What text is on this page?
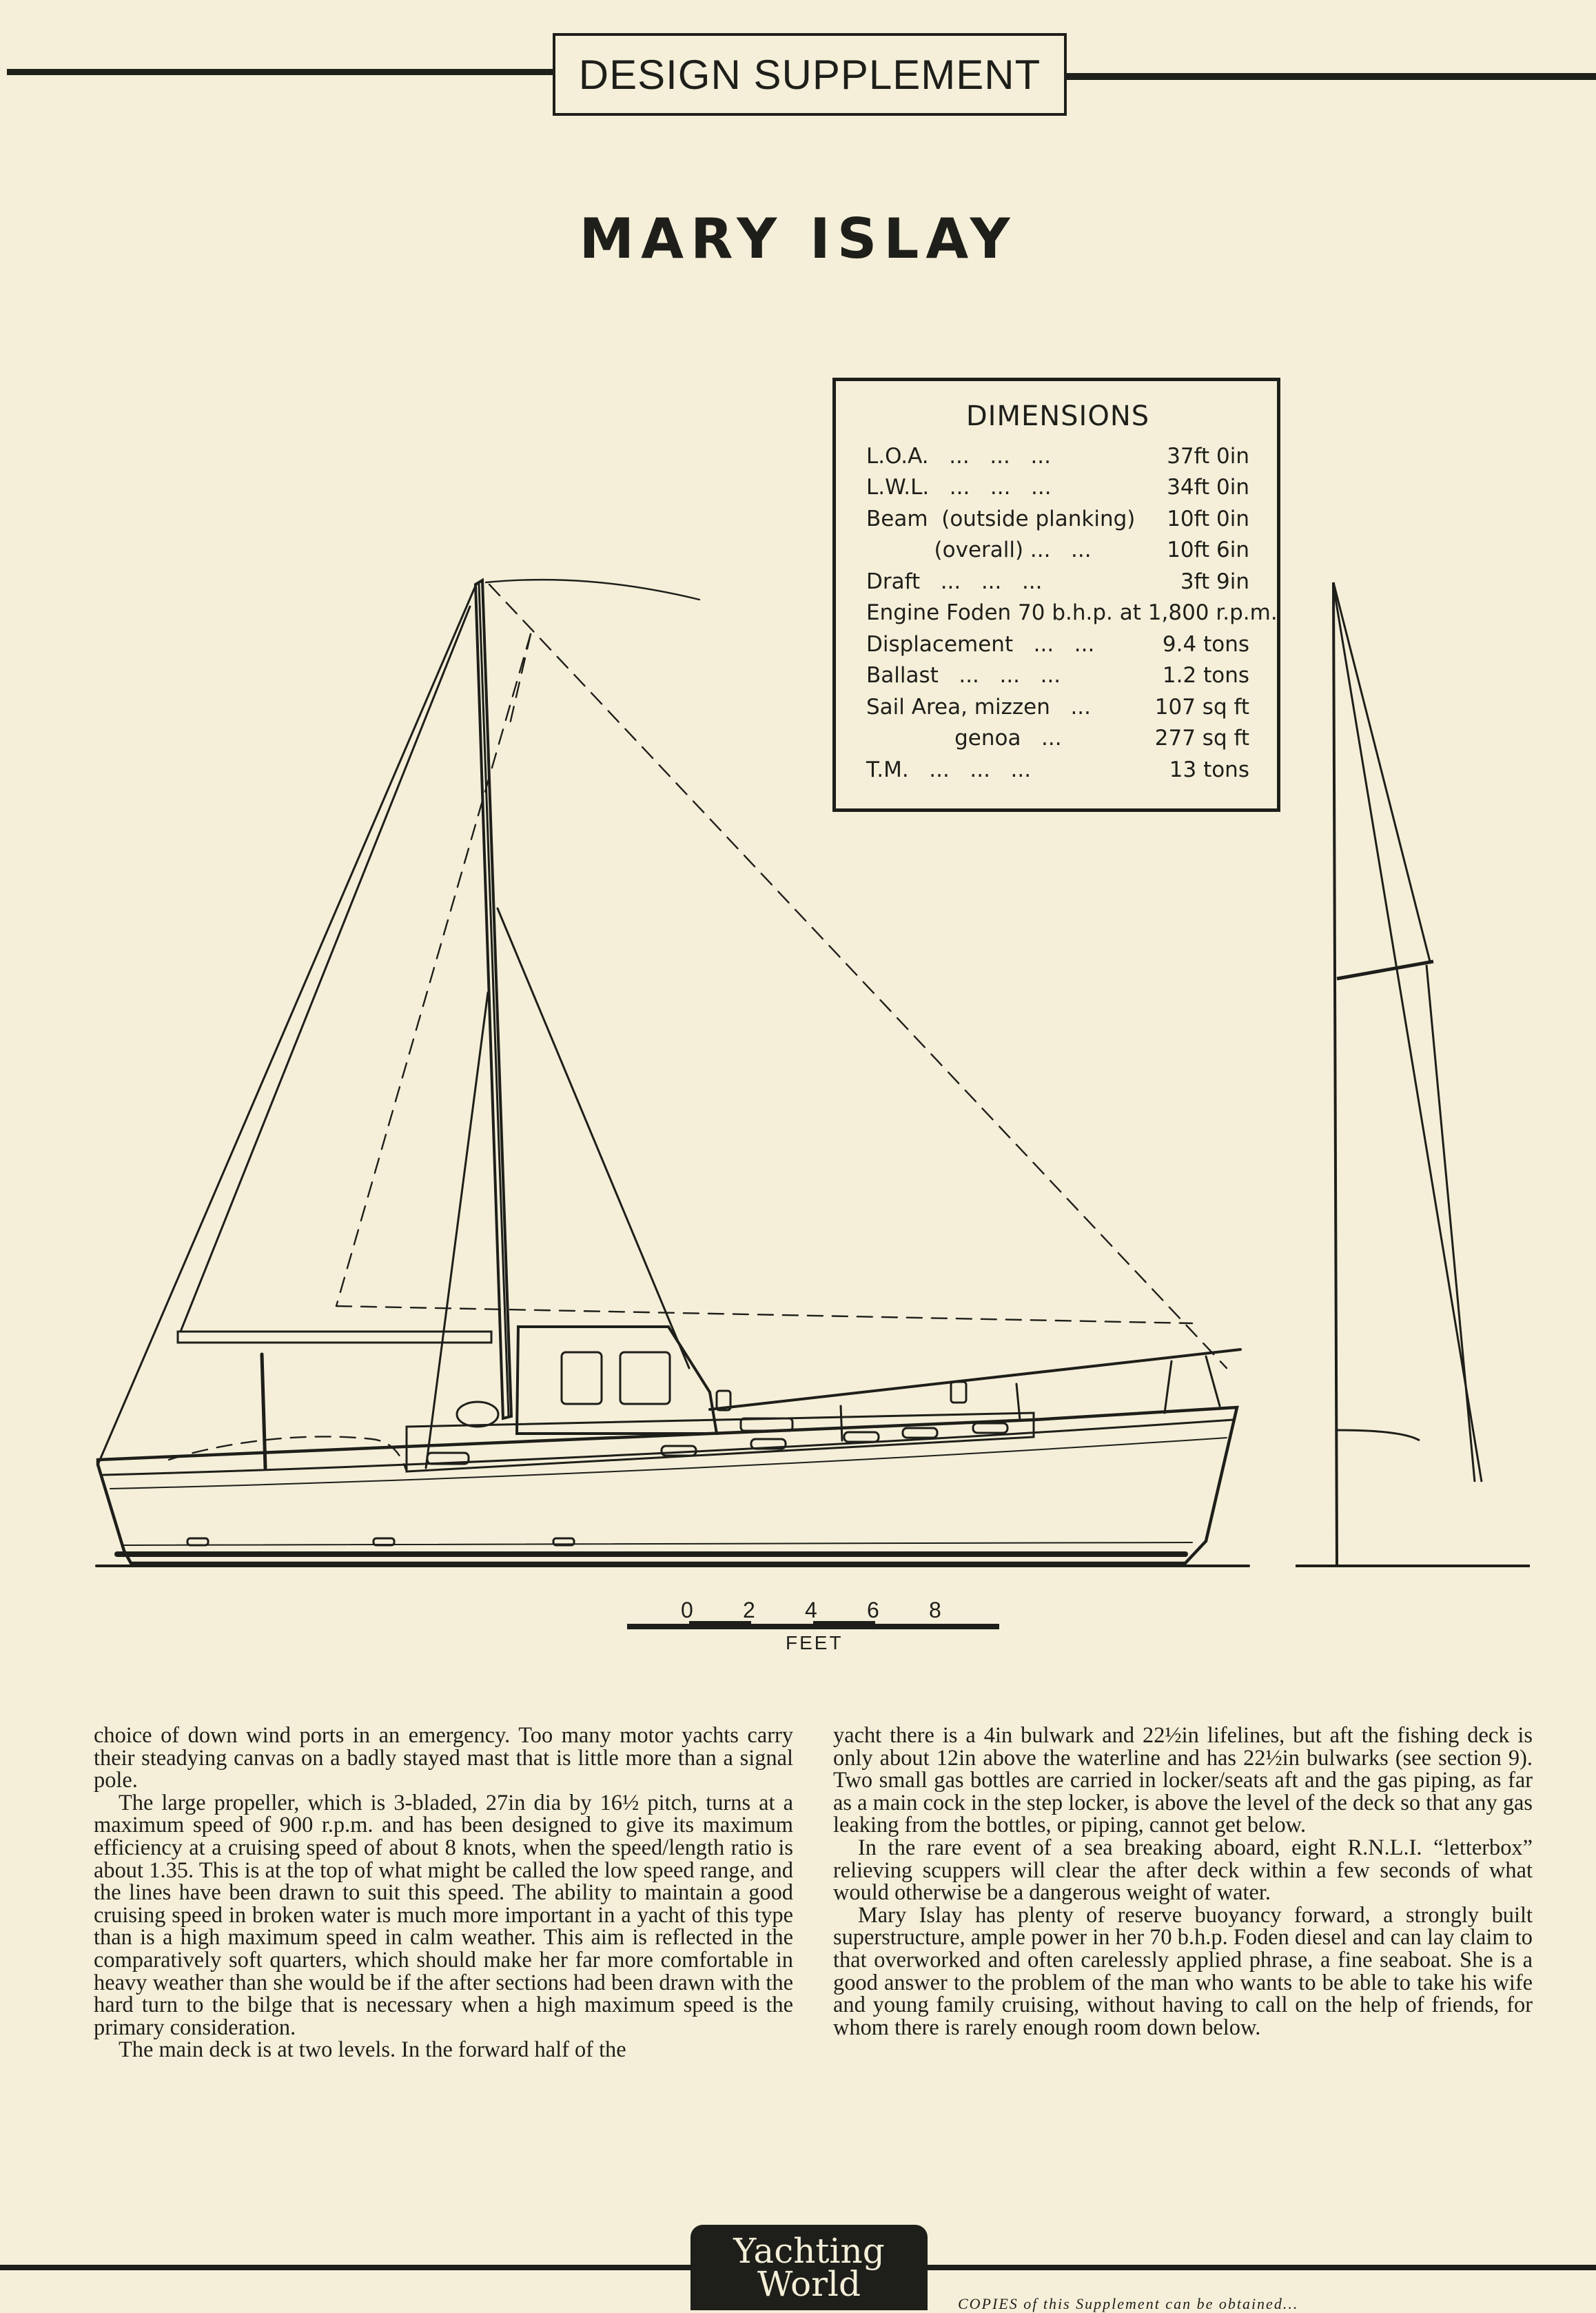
DESIGN SUPPLEMENT
MARY ISLAY
DIMENSIONS
L.O.A.   ...   ...   ...	37ft 0in
L.W.L.   ...   ...   ...	34ft 0in
Beam  (outside planking)	10ft 0in
(overall) ...   ...	10ft 6in
Draft   ...   ...   ...	3ft 9in
Engine Foden 70 b.h.p. at 1,800 r.p.m.
Displacement   ...   ...	9.4 tons
Ballast   ...   ...   ...	1.2 tons
Sail Area, mizzen   ...	107 sq ft
genoa   ...	277 sq ft
T.M.   ...   ...   ...	13 tons
0 2 4 6 8
FEET

choice of down wind ports in an emergency. Too many motor yachts carry their steadying canvas on a badly stayed mast that is little more than a signal pole.

The large propeller, which is 3-bladed, 27in dia by 16½ pitch, turns at a maximum speed of 900 r.p.m. and has been designed to give its maximum efficiency at a cruising speed of about 8 knots, when the speed/length ratio is about 1.35. This is at the top of what might be called the low speed range, and the lines have been drawn to suit this speed. The ability to maintain a good cruising speed in broken water is much more important in a yacht of this type than is a high maximum speed in calm weather. This aim is reflected in the comparatively soft quarters, which should make her far more comfortable in heavy weather than she would be if the after sections had been drawn with the hard turn to the bilge that is necessary when a high maximum speed is the primary consideration.

The main deck is at two levels. In the forward half of the

yacht there is a 4in bulwark and 22½in lifelines, but aft the fishing deck is only about 12in above the waterline and has 22½in bulwarks (see section 9). Two small gas bottles are carried in locker/seats aft and the gas piping, as far as a main cock in the step locker, is above the level of the deck so that any gas leaking from the bottles, or piping, cannot get below.

In the rare event of a sea breaking aboard, eight R.N.L.I. “letterbox” relieving scuppers will clear the after deck within a few seconds of what would otherwise be a dangerous weight of water.

Mary Islay has plenty of reserve buoyancy forward, a strongly built superstructure, ample power in her 70 b.h.p. Foden diesel and can lay claim to that overworked and often carelessly applied phrase, a fine seaboat. She is a good answer to the problem of the man who wants to be able to take his wife and young family cruising, without having to call on the help of friends, for whom there is rarely enough room down below.

Yachting
World	COPIES of this Supplement can be obtained...
